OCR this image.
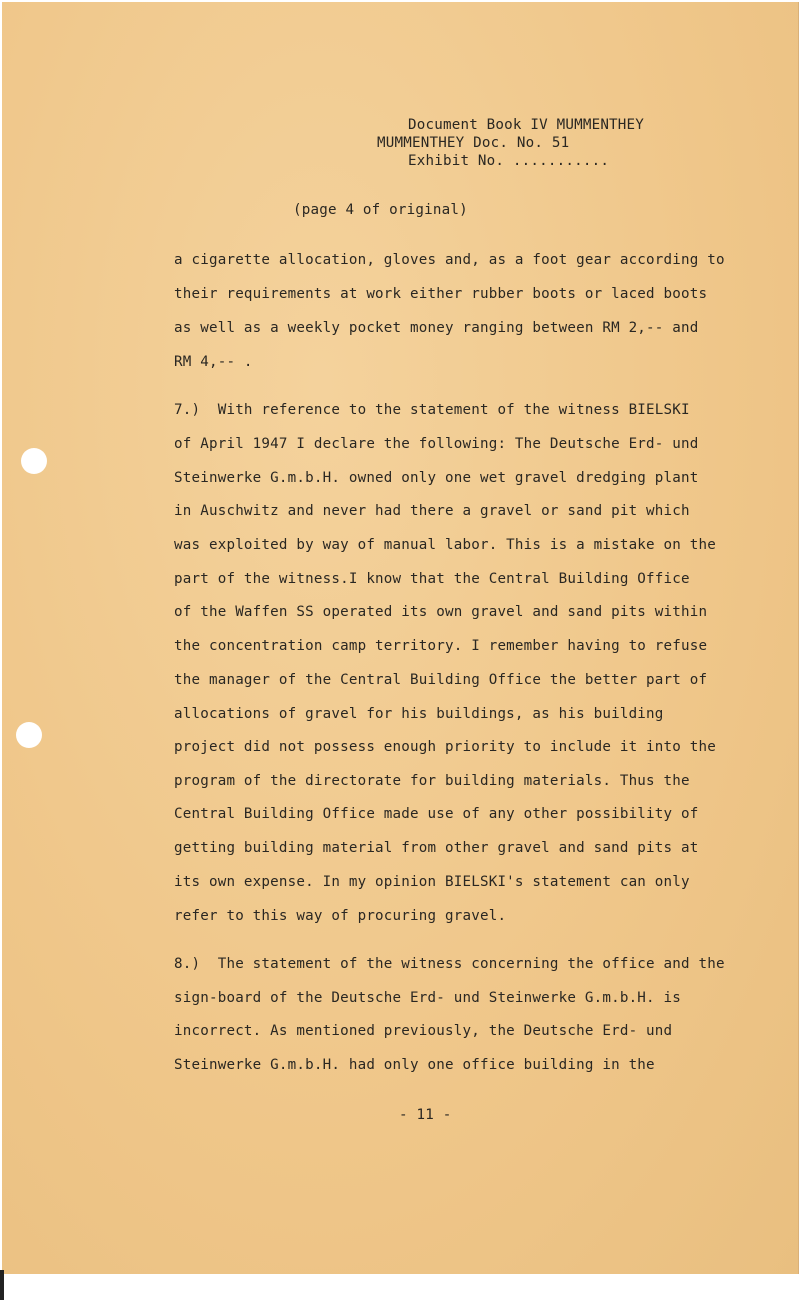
Document Book IV MUMMENTHEY
MUMMENTHEY Doc. No. 51
Exhibit No. ...........
(page 4 of original)
a cigarette allocation, gloves and, as a foot gear according to
their requirements at work either rubber boots or laced boots
as well as a weekly pocket money ranging between RM 2,-- and
RM 4,-- .
7.)  With reference to the statement of the witness BIELSKI
of April 1947 I declare the following: The Deutsche Erd- und
Steinwerke G.m.b.H. owned only one wet gravel dredging plant
in Auschwitz and never had there a gravel or sand pit which
was exploited by way of manual labor. This is a mistake on the
part of the witness.I know that the Central Building Office
of the Waffen SS operated its own gravel and sand pits within
the concentration camp territory. I remember having to refuse
the manager of the Central Building Office the better part of
allocations of gravel for his buildings, as his building
project did not possess enough priority to include it into the
program of the directorate for building materials. Thus the
Central Building Office made use of any other possibility of
getting building material from other gravel and sand pits at
its own expense. In my opinion BIELSKI's statement can only
refer to this way of procuring gravel.
8.)  The statement of the witness concerning the office and the
sign-board of the Deutsche Erd- und Steinwerke G.m.b.H. is
incorrect. As mentioned previously, the Deutsche Erd- und
Steinwerke G.m.b.H. had only one office building in the
- 11 -
